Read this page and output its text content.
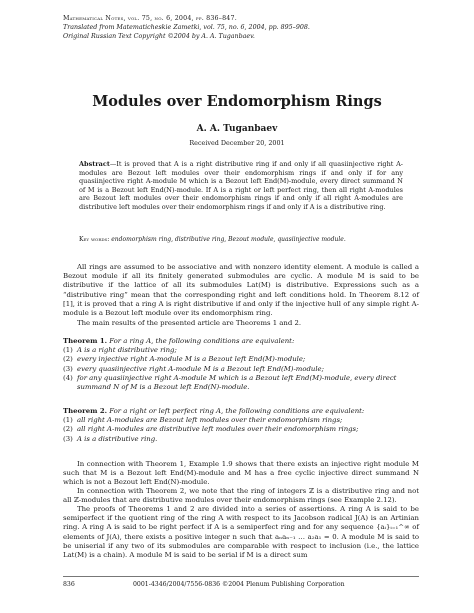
Mathematical Notes, vol. 75, no. 6, 2004, pp. 836–847.
Translated from Matematicheskie Zametki, vol. 75, no. 6, 2004, pp. 895–908.
Original Russian Text Copyright ©2004 by A. A. Tuganbaev.
Modules over Endomorphism Rings
A. A. Tuganbaev
Received December 20, 2001
Abstract—It is proved that A is a right distributive ring if and only if all quasiinjective right A-modules are Bezout left modules over their endomorphism rings if and only if for any quasiinjective right A-module M which is a Bezout left End(M)-module, every direct summand N of M is a Bezout left End(N)-module. If A is a right or left perfect ring, then all right A-modules are Bezout left modules over their endomorphism rings if and only if all right A-modules are distributive left modules over their endomorphism rings if and only if A is a distributive ring.
Key words: endomorphism ring, distributive ring, Bezout module, quasiinjective module.
All rings are assumed to be associative and with nonzero identity element. A module is called a Bezout module if all its finitely generated submodules are cyclic. A module M is said to be distributive if the lattice of all its submodules Lat(M) is distributive. Expressions such as a “distributive ring” mean that the corresponding right and left conditions hold. In Theorem 8.12 of [1], it is proved that a ring A is right distributive if and only if the injective hull of any simple right A-module is a Bezout left module over its endomorphism ring.
The main results of the presented article are Theorems 1 and 2.
Theorem 1. For a ring A, the following conditions are equivalent:
(1) A is a right distributive ring;
(2) every injective right A-module M is a Bezout left End(M)-module;
(3) every quasiinjective right A-module M is a Bezout left End(M)-module;
(4) for any quasiinjective right A-module M which is a Bezout left End(M)-module, every direct summand N of M is a Bezout left End(N)-module.
Theorem 2. For a right or left perfect ring A, the following conditions are equivalent:
(1) all right A-modules are Bezout left modules over their endomorphism rings;
(2) all right A-modules are distributive left modules over their endomorphism rings;
(3) A is a distributive ring.
In connection with Theorem 1, Example 1.9 shows that there exists an injective right module M such that M is a Bezout left End(M)-module and M has a free cyclic injective direct summand N which is not a Bezout left End(N)-module.
In connection with Theorem 2, we note that the ring of integers ℤ is a distributive ring and not all ℤ-modules that are distributive modules over their endomorphism rings (see Example 2.12).
The proofs of Theorems 1 and 2 are divided into a series of assertions. A ring A is said to be semiperfect if the quotient ring of the ring A with respect to its Jacobson radical J(A) is an Artinian ring. A ring A is said to be right perfect if A is a semiperfect ring and for any sequence {aᵢ}ᵢ₌₁^∞ of elements of J(A), there exists a positive integer n such that aₙaₙ₋₁ … a₂a₁ = 0. A module M is said to be uniserial if any two of its submodules are comparable with respect to inclusion (i.e., the lattice Lat(M) is a chain). A module M is said to be serial if M is a direct sum
836	0001-4346/2004/7556-0836 ©2004 Plenum Publishing Corporation
